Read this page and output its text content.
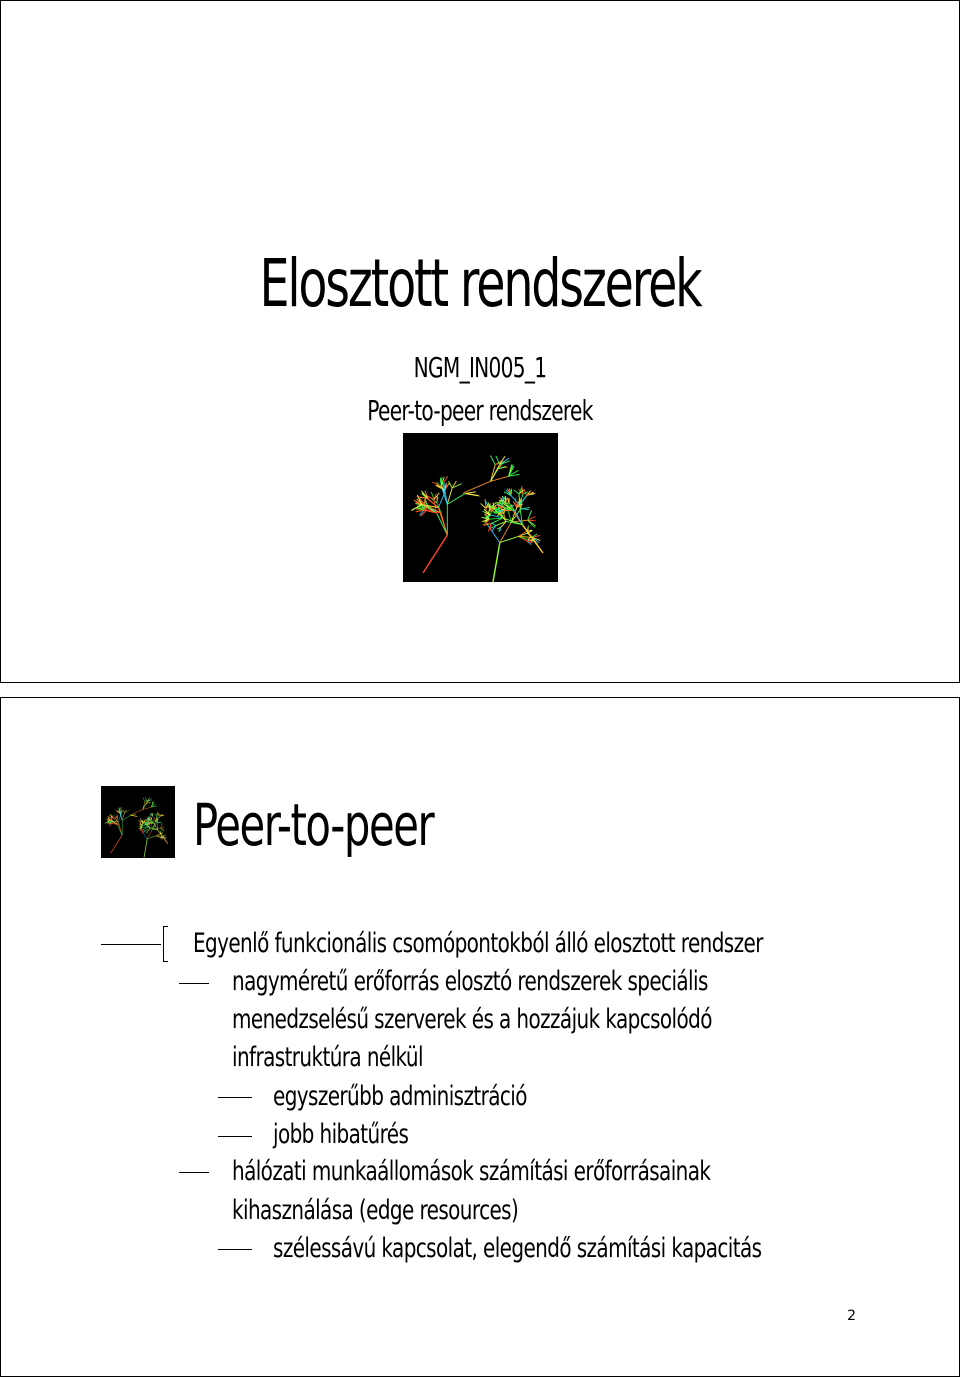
Elosztott rendszerek
NGM_IN005_1
Peer-to-peer rendszerek
Peer-to-peer
Egyenlő funkcionális csomópontokból álló elosztott rendszer
nagyméretű erőforrás elosztó rendszerek speciális
menedzselésű szerverek és a hozzájuk kapcsolódó
infrastruktúra nélkül
egyszerűbb adminisztráció
jobb hibatűrés
hálózati munkaállomások számítási erőforrásainak
kihasználása (edge resources)
szélessávú kapcsolat, elegendő számítási kapacitás
2
